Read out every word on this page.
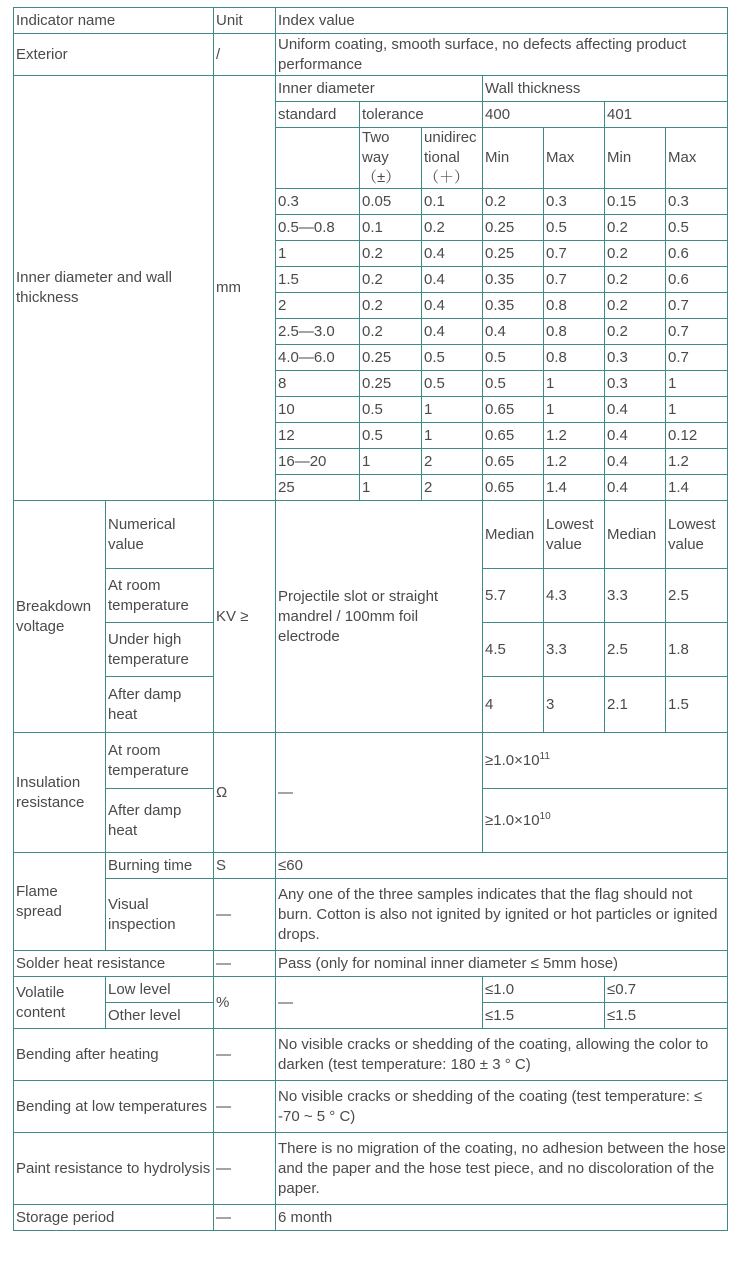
Indicator name		Unit	Index value						
Exterior		/	Uniform coating, smooth surface, no defects affecting product performance						
Inner diameter and wall thickness		mm	Inner diameter			Wall thickness			
			standard	tolerance		400		401	
				Two way （±）	unidirec tional （＋）	Min	Max	Min	Max
			0.3	0.05	0.1	0.2	0.3	0.15	0.3
			0.5—0.8	0.1	0.2	0.25	0.5	0.2	0.5
			1	0.2	0.4	0.25	0.7	0.2	0.6
			1.5	0.2	0.4	0.35	0.7	0.2	0.6
			2	0.2	0.4	0.35	0.8	0.2	0.7
			2.5—3.0	0.2	0.4	0.4	0.8	0.2	0.7
			4.0—6.0	0.25	0.5	0.5	0.8	0.3	0.7
			8	0.25	0.5	0.5	1	0.3	1
			10	0.5	1	0.65	1	0.4	1
			12	0.5	1	0.65	1.2	0.4	0.12
			16—20	1	2	0.65	1.2	0.4	1.2
			25	1	2	0.65	1.4	0.4	1.4
Breakdown voltage	Numerical value	KV ≥	Projectile slot or straight mandrel / 100mm foil electrode			Median	Lowest value	Median	Lowest value
	At room temperature					5.7	4.3	3.3	2.5
	Under high temperature					4.5	3.3	2.5	1.8
	After damp heat					4	3	2.1	1.5
Insulation resistance	At room temperature	Ω	—			$\ge 1.0\times 10^{11}$
	After damp heat					$\ge 1.0\times 10^{10}$
Flame spread	Burning time	S	≤60						
	Visual inspection	—	Any one of the three samples indicates that the flag should not burn. Cotton is also not ignited by ignited or hot particles or ignited drops.						
Solder heat resistance		—	Pass (only for nominal inner diameter ≤ 5mm hose)						
Volatile content	Low level	%	—			≤1.0		≤0.7	
	Other level					≤1.5		≤1.5	
Bending after heating		—	No visible cracks or shedding of the coating, allowing the color to darken (test temperature: 180 ± 3 ° C)						
Bending at low temperatures		—	No visible cracks or shedding of the coating (test temperature: ≤ -70 ~ 5 ° C)						
Paint resistance to hydrolysis		—	There is no migration of the coating, no adhesion between the hose and the paper and the hose test piece, and no discoloration of the paper.						
Storage period		—	6 month						
